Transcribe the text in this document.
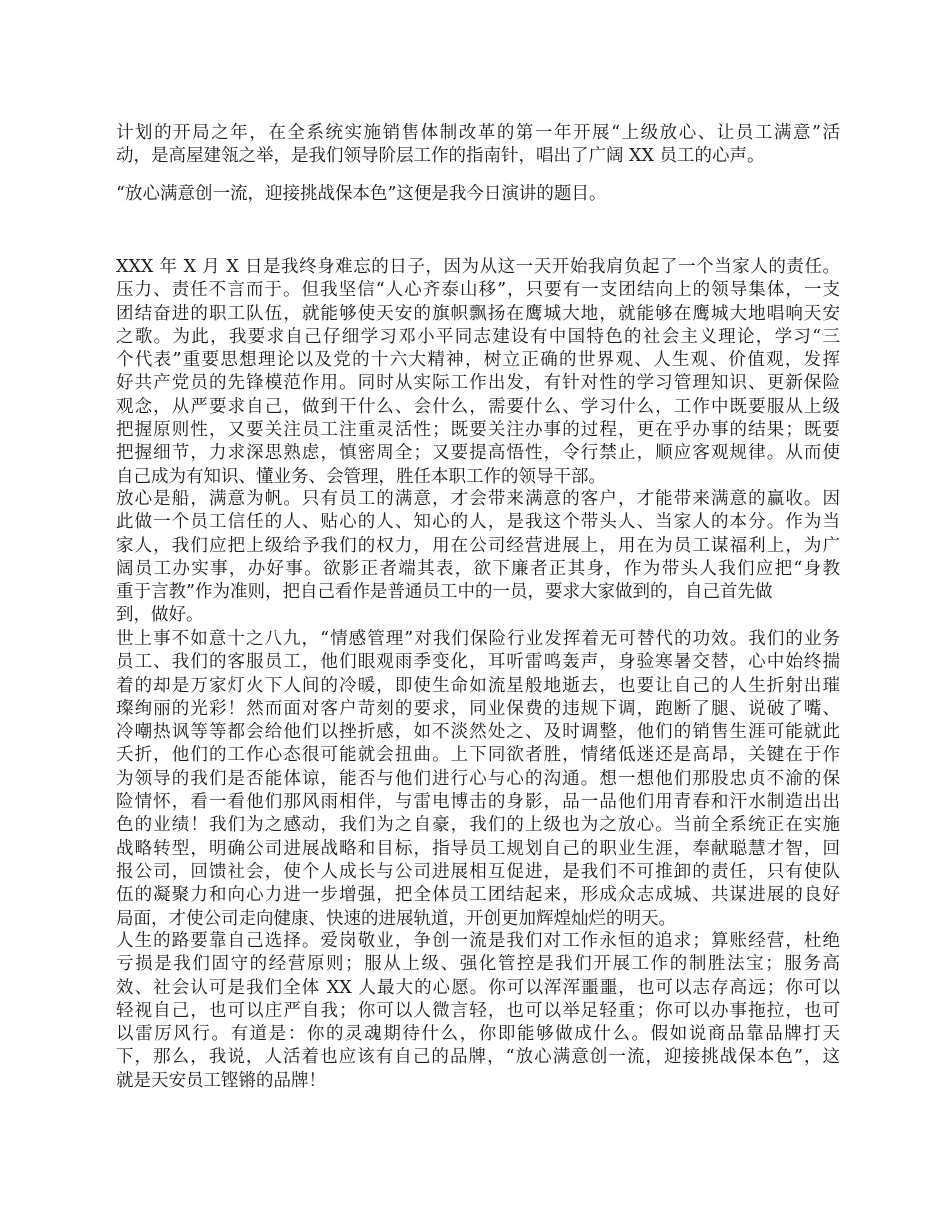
计划的开局之年，在全系统实施销售体制改革的第一年开展“上级放心、让员工满意”活
动，是高屋建瓴之举，是我们领导阶层工作的指南针，唱出了广阔 XX 员工的心声。
“放心满意创一流，迎接挑战保本色”这便是我今日演讲的题目。
XXX 年 X 月 X 日是我终身难忘的日子，因为从这一天开始我肩负起了一个当家人的责任。
压力、责任不言而于。但我坚信“人心齐泰山移”，只要有一支团结向上的领导集体，一支
团结奋进的职工队伍，就能够使天安的旗帜飘扬在鹰城大地，就能够在鹰城大地唱响天安
之歌。为此，我要求自己仔细学习邓小平同志建设有中国特色的社会主义理论，学习“三
个代表”重要思想理论以及党的十六大精神，树立正确的世界观、人生观、价值观，发挥
好共产党员的先锋模范作用。同时从实际工作出发，有针对性的学习管理知识、更新保险
观念，从严要求自己，做到干什么、会什么，需要什么、学习什么，工作中既要服从上级
把握原则性，又要关注员工注重灵活性；既要关注办事的过程，更在乎办事的结果；既要
把握细节，力求深思熟虑，慎密周全；又要提高悟性，令行禁止，顺应客观规律。从而使
自己成为有知识、懂业务、会管理，胜任本职工作的领导干部。
放心是船，满意为帆。只有员工的满意，才会带来满意的客户，才能带来满意的赢收。因
此做一个员工信任的人、贴心的人、知心的人，是我这个带头人、当家人的本分。作为当
家人，我们应把上级给予我们的权力，用在公司经营进展上，用在为员工谋福利上，为广
阔员工办实事，办好事。欲影正者端其表，欲下廉者正其身，作为带头人我们应把“身教
重于言教”作为准则，把自己看作是普通员工中的一员，要求大家做到的，自己首先做
到，做好。
世上事不如意十之八九，“情感管理”对我们保险行业发挥着无可替代的功效。我们的业务
员工、我们的客服员工，他们眼观雨季变化，耳听雷鸣轰声，身验寒暑交替，心中始终揣
着的却是万家灯火下人间的冷暖，即使生命如流星般地逝去，也要让自己的人生折射出璀
璨绚丽的光彩！然而面对客户苛刻的要求，同业保费的违规下调，跑断了腿、说破了嘴、
冷嘲热讽等等都会给他们以挫折感，如不淡然处之、及时调整，他们的销售生涯可能就此
夭折，他们的工作心态很可能就会扭曲。上下同欲者胜，情绪低迷还是高昂，关键在于作
为领导的我们是否能体谅，能否与他们进行心与心的沟通。想一想他们那股忠贞不渝的保
险情怀，看一看他们那风雨相伴，与雷电博击的身影，品一品他们用青春和汗水制造出出
色的业绩！我们为之感动，我们为之自豪，我们的上级也为之放心。当前全系统正在实施
战略转型，明确公司进展战略和目标，指导员工规划自己的职业生涯，奉献聪慧才智，回
报公司，回馈社会，使个人成长与公司进展相互促进，是我们不可推卸的责任，只有使队
伍的凝聚力和向心力进一步增强，把全体员工团结起来，形成众志成城、共谋进展的良好
局面，才使公司走向健康、快速的进展轨道，开创更加辉煌灿烂的明天。
人生的路要靠自己选择。爱岗敬业，争创一流是我们对工作永恒的追求；算账经营，杜绝
亏损是我们固守的经营原则；服从上级、强化管控是我们开展工作的制胜法宝；服务高
效、社会认可是我们全体 XX 人最大的心愿。你可以浑浑噩噩，也可以志存高远；你可以
轻视自己，也可以庄严自我；你可以人微言轻，也可以举足轻重；你可以办事拖拉，也可
以雷厉风行。有道是：你的灵魂期待什么，你即能够做成什么。假如说商品靠品牌打天
下，那么，我说，人活着也应该有自己的品牌，“放心满意创一流，迎接挑战保本色”，这
就是天安员工铿锵的品牌！
